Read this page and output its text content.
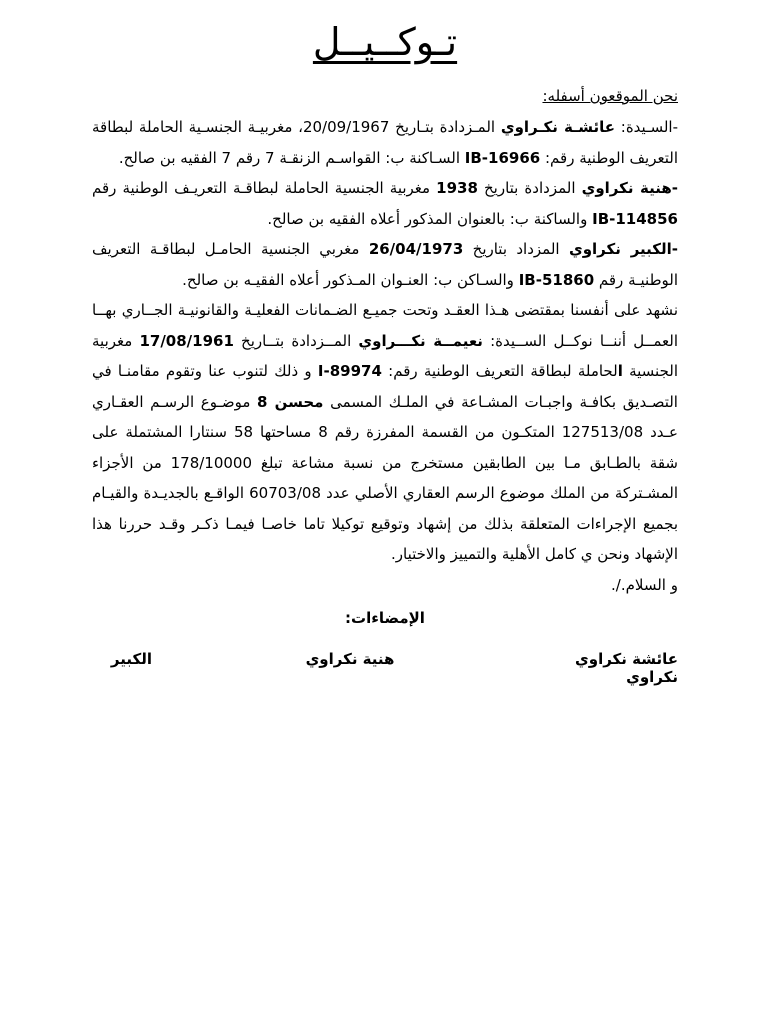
تـوكــيــل
نحن الموقعون أسفله:

-السـيدة: عائشـة نكـراوي المـزدادة بتـاريخ 20/09/1967، مغربيـة الجنسـية الحاملة لبطاقة التعريف الوطنية رقم: IB-16966 السـاكنة ب: القواسـم الزنقـة 7 رقم 7 الفقيه بن صالح.

-هنية نكراوي المزدادة بتاريخ 1938 مغربية الجنسية الحاملة لبطاقـة التعريـف الوطنية رقم IB-114856 والساكنة ب: بالعنوان المذكور أعلاه الفقيه بن صالح.

-الكبير نكراوي المزداد بتاريخ 26/04/1973 مغربي الجنسية الحامـل لبطاقـة التعريف الوطنيـة رقم IB-51860 والسـاكن ب: العنـوان المـذكور أعلاه الفقيـه بن صالح.

نشهد على أنفسنا بمقتضى هـذا العقـد وتحت جميـع الضـمانات الفعليـة والقانونيـة الجــاري بهــا العمــل أننــا نوكــل الســيدة: نعيمــة نكـــراوي المــزدادة بتــاريخ 17/08/1961 مغربية الجنسية الحاملة لبطاقة التعريف الوطنية رقم: I-89974 و ذلك لتنوب عنا وتقوم مقامنـا في التصـديق بكافـة واجبـات المشـاعة في الملـك المسمى محسن 8 موضـوع الرسـم العقـاري عـدد 127513/08 المتكـون من القسمة المفرزة رقم 8 مساحتها 58 سنتارا المشتملة على شقة بالطـابق مـا بين الطابقين مستخرج من نسبة مشاعة تبلغ 178/10000 من الأجزاء المشـتركة من الملك موضوع الرسم العقاري الأصلي عدد 60703/08 الواقـع بالجديـدة والقيـام بجميع الإجراءات المتعلقة بذلك من إشهاد وتوقيع توكيلا تاما خاصـا فيمـا ذكـر وقـد حررنا هذا الإشهاد ونحن ي كامل الأهلية والتمييز والاختيار.

و السلام./.

الإمضاءات:
عائشة نكراوي
نكراوي
هنية نكراوي
الكبير
